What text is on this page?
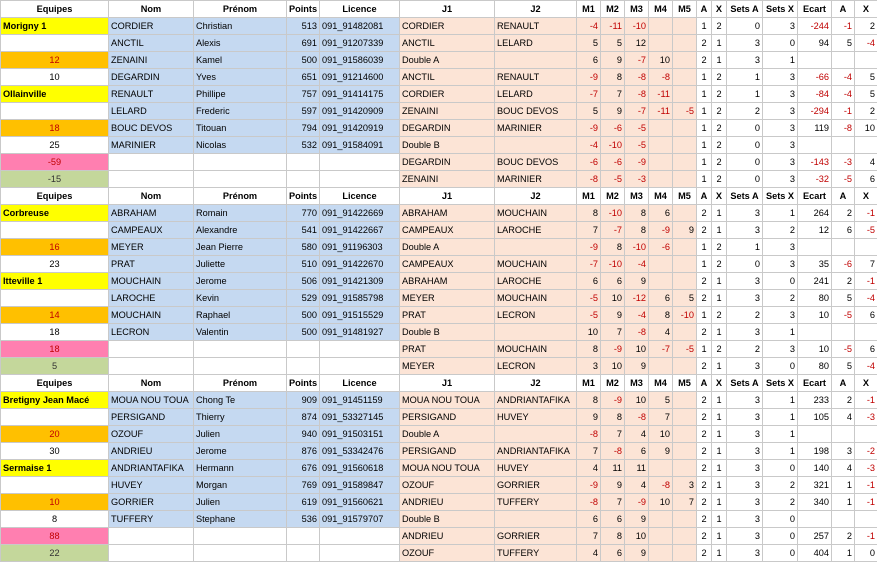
Equipes	Nom	Prénom	Points	Licence	J1	J2	M1	M2	M3	M4	M5	A	X	Sets A	Sets X	Ecart	A	X
Morigny 1	CORDIER	Christian	513	091_91482081	CORDIER	RENAULT	-4	-11	-10			1	2	0	3	-244	-1	2
	ANCTIL	Alexis	691	091_91207339	ANCTIL	LELARD	5	5	12			2	1	3	0	94	5	-4
12	ZENAINI	Kamel	500	091_91586039	Double A		6	9	-7	10		2	1	3	1			
10	DEGARDIN	Yves	651	091_91214600	ANCTIL	RENAULT	-9	8	-8	-8		1	2	1	3	-66	-4	5
Ollainville	RENAULT	Phillipe	757	091_91414175	CORDIER	LELARD	-7	7	-8	-11		1	2	1	3	-84	-4	5
	LELARD	Frederic	597	091_91420909	ZENAINI	BOUC DEVOS	5	9	-7	-11	-5	1	2	2	3	-294	-1	2
18	BOUC DEVOS	Titouan	794	091_91420919	DEGARDIN	MARINIER	-9	-6	-5			1	2	0	3	119	-8	10
25	MARINIER	Nicolas	532	091_91584091	Double B		-4	-10	-5			1	2	0	3			
-59					DEGARDIN	BOUC DEVOS	-6	-6	-9			1	2	0	3	-143	-3	4
-15					ZENAINI	MARINIER	-8	-5	-3			1	2	0	3	-32	-5	6
Equipes	Nom	Prénom	Points	Licence	J1	J2	M1	M2	M3	M4	M5	A	X	Sets A	Sets X	Ecart	A	X
Corbreuse	ABRAHAM	Romain	770	091_91422669	ABRAHAM	MOUCHAIN	8	-10	8	6		2	1	3	1	264	2	-1
	CAMPEAUX	Alexandre	541	091_91422667	CAMPEAUX	LAROCHE	7	-7	8	-9	9	2	1	3	2	12	6	-5
16	MEYER	Jean Pierre	580	091_91196303	Double A		-9	8	-10	-6		1	2	1	3			
23	PRAT	Juliette	510	091_91422670	CAMPEAUX	MOUCHAIN	-7	-10	-4			1	2	0	3	35	-6	7
Itteville 1	MOUCHAIN	Jerome	506	091_91421309	ABRAHAM	LAROCHE	6	6	9			2	1	3	0	241	2	-1
	LAROCHE	Kevin	529	091_91585798	MEYER	MOUCHAIN	-5	10	-12	6	5	2	1	3	2	80	5	-4
14	MOUCHAIN	Raphael	500	091_91515529	PRAT	LECRON	-5	9	-4	8	-10	1	2	2	3	10	-5	6
18	LECRON	Valentin	500	091_91481927	Double B		10	7	-8	4		2	1	3	1			
18					PRAT	MOUCHAIN	8	-9	10	-7	-5	1	2	2	3	10	-5	6
5					MEYER	LECRON	3	10	9			2	1	3	0	80	5	-4
Equipes	Nom	Prénom	Points	Licence	J1	J2	M1	M2	M3	M4	M5	A	X	Sets A	Sets X	Ecart	A	X
Bretigny Jean Macé	MOUA NOU TOUA	Chong Te	909	091_91451159	MOUA NOU TOUA	ANDRIANTAFIKA	8	-9	10	5		2	1	3	1	233	2	-1
	PERSIGAND	Thierry	874	091_53327145	PERSIGAND	HUVEY	9	8	-8	7		2	1	3	1	105	4	-3
20	OZOUF	Julien	940	091_91503151	Double A		-8	7	4	10		2	1	3	1			
30	ANDRIEU	Jerome	876	091_53342476	PERSIGAND	ANDRIANTAFIKA	7	-8	6	9		2	1	3	1	198	3	-2
Sermaise 1	ANDRIANTAFIKA	Hermann	676	091_91560618	MOUA NOU TOUA	HUVEY	4	11	11			2	1	3	0	140	4	-3
	HUVEY	Morgan	769	091_91589847	OZOUF	GORRIER	-9	9	4	-8	3	2	1	3	2	321	1	-1
10	GORRIER	Julien	619	091_91560621	ANDRIEU	TUFFERY	-8	7	-9	10	7	2	1	3	2	340	1	-1
8	TUFFERY	Stephane	536	091_91579707	Double B		6	6	9			2	1	3	0			
88					ANDRIEU	GORRIER	7	8	10			2	1	3	0	257	2	-1
22					OZOUF	TUFFERY	4	6	9			2	1	3	0	404	1	0
